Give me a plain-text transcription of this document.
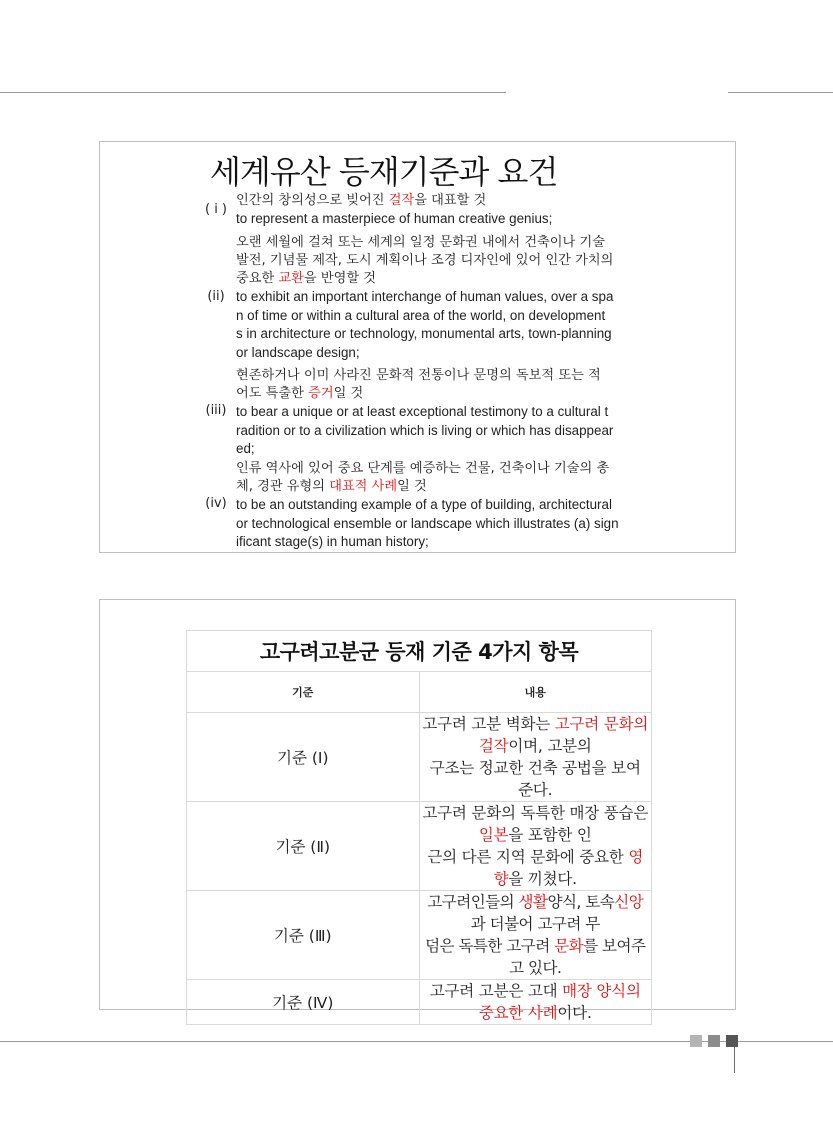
세계유산 등재기준과 요건
( i )

인간의 창의성으로 빚어진 걸작을 대표할 것

to represent a masterpiece of human creative genius;

(ii)

오랜 세월에 걸쳐 또는 세계의 일정 문화권 내에서 건축이나 기술
발전, 기념물 제작, 도시 계획이나 조경 디자인에 있어 인간 가치의
중요한 교환을 반영할 것

to exhibit an important interchange of human values, over a spa
n of time or within a cultural area of the world, on development
s in architecture or technology, monumental arts, town-planning
or landscape design;

(iii)

현존하거나 이미 사라진 문화적 전통이나 문명의 독보적 또는 적
어도 특출한 증거일 것

to bear a unique or at least exceptional testimony to a cultural t
radition or to a civilization which is living or which has disappear
ed;

(iv)

인류 역사에 있어 중요 단계를 예증하는 건물, 건축이나 기술의 총
체, 경관 유형의 대표적 사례일 것

to be an outstanding example of a type of building, architectural
or technological ensemble or landscape which illustrates (a) sign
ificant stage(s) in human history;

고구려고분군 등재 기준 4가지 항목	
기준	내용
기준 (Ⅰ)	고구려 고분 벽화는 고구려 문화의 걸작이며, 고분의
구조는 정교한 건축 공법을 보여 준다.
기준 (Ⅱ)	고구려 문화의 독특한 매장 풍습은 일본을 포함한 인
근의 다른 지역 문화에 중요한 영향을 끼쳤다.
기준 (Ⅲ)	고구려인들의 생활양식, 토속신앙과 더불어 고구려 무
덤은 독특한 고구려 문화를 보여주고 있다.
기준 (Ⅳ)	고구려 고분은 고대 매장 양식의 중요한 사례이다.
